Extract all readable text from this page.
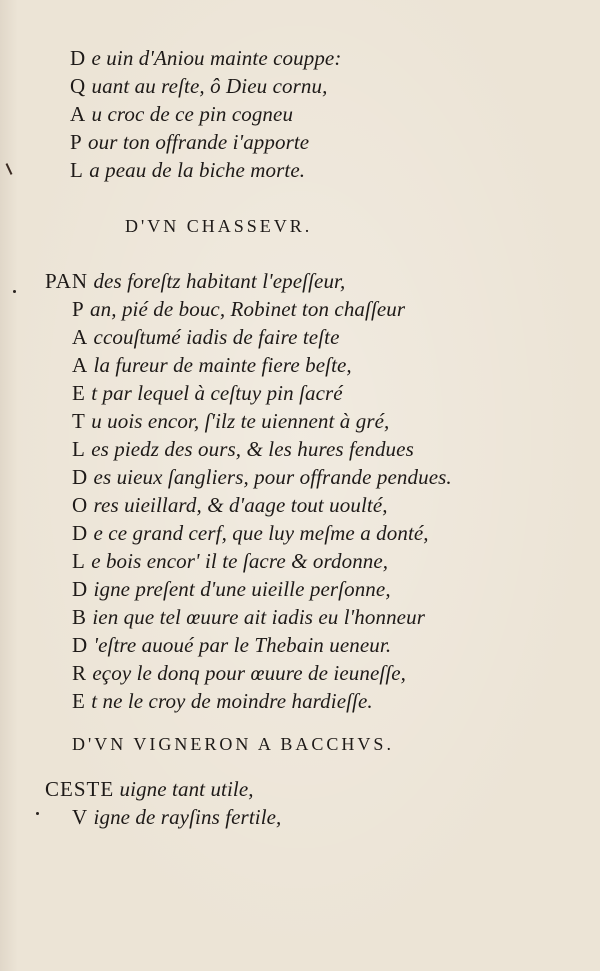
D e uin d'Aniou mainte couppe:
Q uant au reſte, ô Dieu cornu,
A u croc de ce pin cogneu
P our ton offrande i'apporte
L a peau de la biche morte.
D'VN CHASSEVR.
PAN des foreſtz habitant l'epeſſeur,
P an, pié de bouc, Robinet ton chaſſeur
A ccouſtumé iadis de faire teſte
A la fureur de mainte fiere beſte,
E t par lequel à ceſtuy pin ſacré
T u uois encor, ſ'ilz te uiennent à gré,
L es piedz des ours, & les hures fendues
D es uieux ſangliers, pour offrande pendues.
O res uieillard, & d'aage tout uoulté,
D e ce grand cerf, que luy meſme a donté,
L e bois encor' il te ſacre & ordonne,
D igne preſent d'une uieille perſonne,
B ien que tel œuure ait iadis eu l'honneur
D 'eſtre auoué par le Thebain ueneur.
R eçoy le donq pour œuure de ieuneſſe,
E t ne le croy de moindre hardieſſe.
D'VN VIGNERON A BACCHVS.
CESTE uigne tant utile,
V igne de rayſins fertile,
